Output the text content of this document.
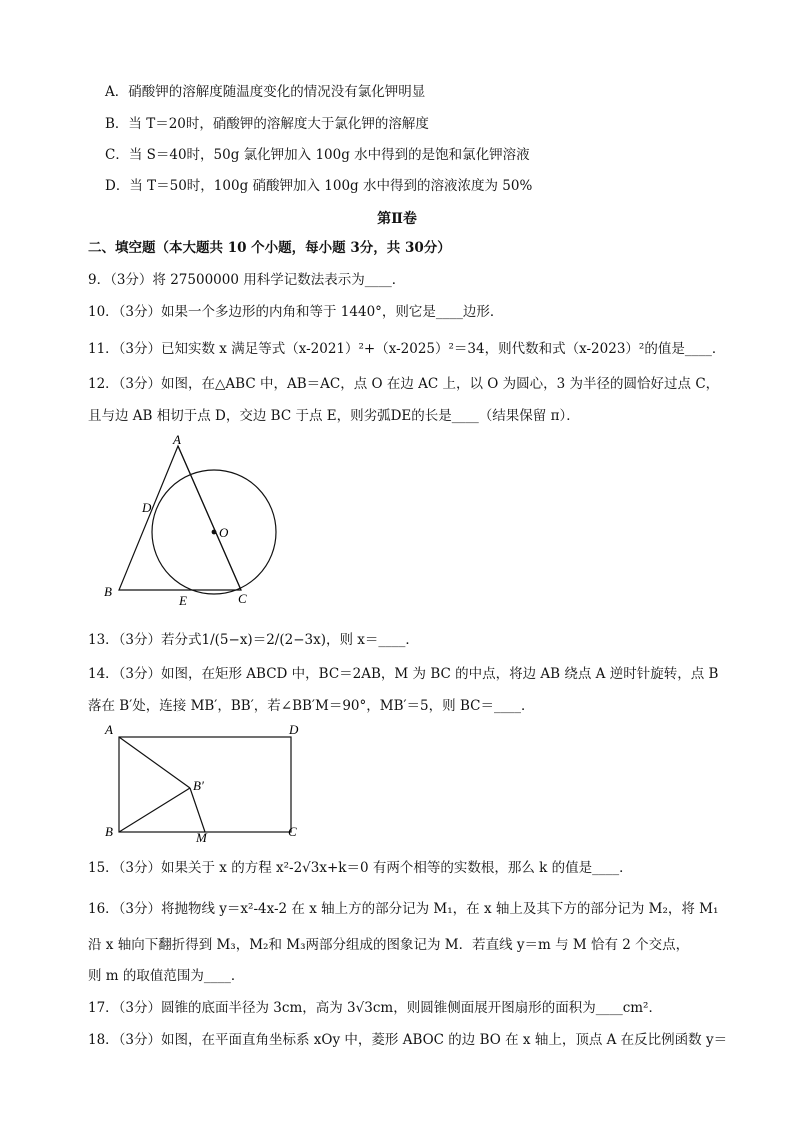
A．硝酸钾的溶解度随温度变化的情况没有氯化钾明显
B．当 T＝20时，硝酸钾的溶解度大于氯化钾的溶解度
C．当 S＝40时，50g 氯化钾加入 100g 水中得到的是饱和氯化钾溶液
D．当 T＝50时，100g 硝酸钾加入 100g 水中得到的溶液浓度为 50%
第Ⅱ卷
二、填空题（本大题共 10 个小题，每小题 3分，共 30分）
9．（3分）将 27500000 用科学记数法表示为____．
10．（3分）如果一个多边形的内角和等于 1440°，则它是____边形．
11．（3分）已知实数 x 满足等式（x-2021）²+（x-2025）²＝34，则代数和式（x-2023）²的值是____．
12．（3分）如图，在△ABC 中，AB＝AC，点 O 在边 AC 上，以 O 为圆心，3 为半径的圆恰好过点 C，
且与边 AB 相切于点 D，交边 BC 于点 E，则劣弧DE的长是____（结果保留 π）．
A
D
O
B
E	C
13．（3分）若分式1/(5−x)＝2/(2−3x)，则 x＝____．
14．（3分）如图，在矩形 ABCD 中，BC＝2AB，M 为 BC 的中点，将边 AB 绕点 A 逆时针旋转，点 B
落在 B′处，连接 MB′，BB′，若∠BB′M＝90°，MB′＝5，则 BC＝____．
A	D
B′
B	M	C
15．（3分）如果关于 x 的方程 x²-2√3x+k＝0 有两个相等的实数根，那么 k 的值是____．
16．（3分）将抛物线 y＝x²-4x-2 在 x 轴上方的部分记为 M₁，在 x 轴上及其下方的部分记为 M₂，将 M₁
沿 x 轴向下翻折得到 M₃，M₂和 M₃两部分组成的图象记为 M．若直线 y＝m 与 M 恰有 2 个交点，
则 m 的取值范围为____．
17．（3分）圆锥的底面半径为 3cm，高为 3√3cm，则圆锥侧面展开图扇形的面积为____cm²．
18．（3分）如图，在平面直角坐标系 xOy 中，菱形 ABOC 的边 BO 在 x 轴上，顶点 A 在反比例函数 y＝
